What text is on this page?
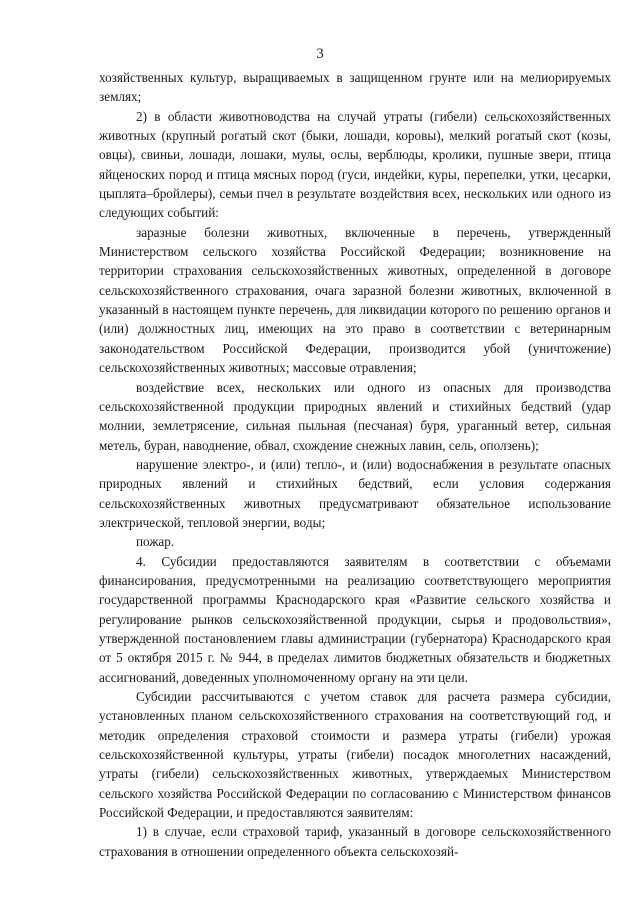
3

хозяйственных культур, выращиваемых в защищенном грунте или на мелиорируемых землях;

2) в области животноводства на случай утраты (гибели) сельскохозяйственных животных (крупный рогатый скот (быки, лошади, коровы), мелкий рогатый скот (козы, овцы), свиньи, лошади, лошаки, мулы, ослы, верблюды, кролики, пушные звери, птица яйценоских пород и птица мясных пород (гуси, индейки, куры, перепелки, утки, цесарки, цыплята–бройлеры), семьи пчел в результате воздействия всех, нескольких или одного из следующих событий:

заразные болезни животных, включенные в перечень, утвержденный Министерством сельского хозяйства Российской Федерации; возникновение на территории страхования сельскохозяйственных животных, определенной в договоре сельскохозяйственного страхования, очага заразной болезни животных, включенной в указанный в настоящем пункте перечень, для ликвидации которого по решению органов и (или) должностных лиц, имеющих на это право в соответствии с ветеринарным законодательством Российской Федерации, производится убой (уничтожение) сельскохозяйственных животных; массовые отравления;

воздействие всех, нескольких или одного из опасных для производства сельскохозяйственной продукции природных явлений и стихийных бедствий (удар молнии, землетрясение, сильная пыльная (песчаная) буря, ураганный ветер, сильная метель, буран, наводнение, обвал, схождение снежных лавин, сель, оползень);

нарушение электро-, и (или) тепло-, и (или) водоснабжения в результате опасных природных явлений и стихийных бедствий, если условия содержания сельскохозяйственных животных предусматривают обязательное использование электрической, тепловой энергии, воды;

пожар.

4. Субсидии предоставляются заявителям в соответствии с объемами финансирования, предусмотренными на реализацию соответствующего мероприятия государственной программы Краснодарского края «Развитие сельского хозяйства и регулирование рынков сельскохозяйственной продукции, сырья и продовольствия», утвержденной постановлением главы администрации (губернатора) Краснодарского края от 5 октября 2015 г. № 944, в пределах лимитов бюджетных обязательств и бюджетных ассигнований, доведенных уполномоченному органу на эти цели.

Субсидии рассчитываются с учетом ставок для расчета размера субсидии, установленных планом сельскохозяйственного страхования на соответствующий год, и методик определения страховой стоимости и размера утраты (гибели) урожая сельскохозяйственной культуры, утраты (гибели) посадок многолетних насаждений, утраты (гибели) сельскохозяйственных животных, утверждаемых Министерством сельского хозяйства Российской Федерации по согласованию с Министерством финансов Российской Федерации, и предоставляются заявителям:

1) в случае, если страховой тариф, указанный в договоре сельскохозяйственного страхования в отношении определенного объекта сельскохозяй-
